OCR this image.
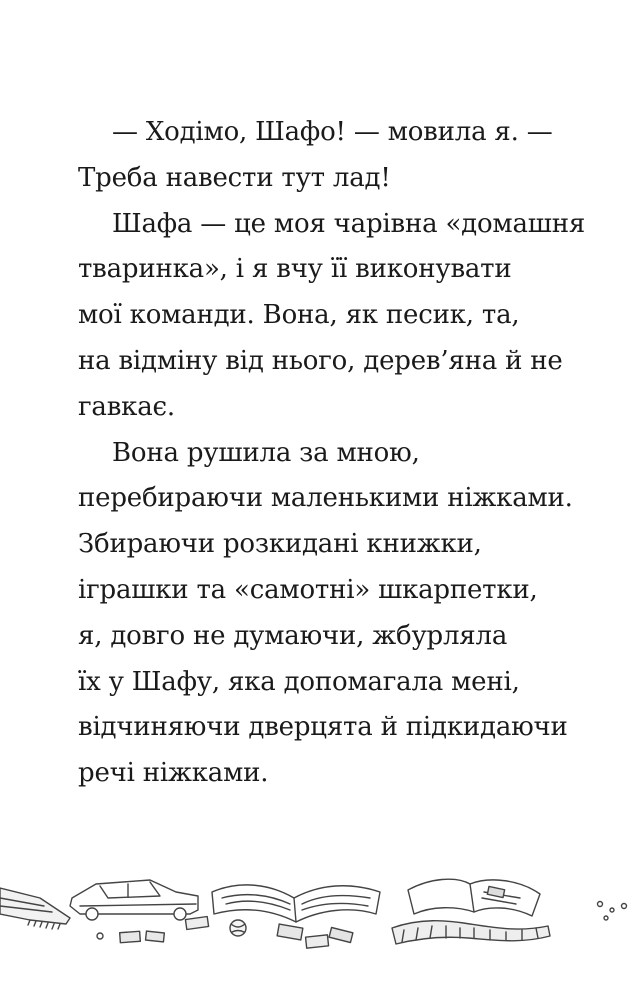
— Ходімо, Шафо! — мовила я. —
Треба навести тут лад!
Шафа — це моя чарівна «домашня
тваринка», і я вчу її виконувати
мої команди. Вона, як песик, та,
на відміну від нього, дерев’яна й не
гавкає.
Вона рушила за мною,
перебираючи маленькими ніжками.
Збираючи розкидані книжки,
іграшки та «самотні» шкарпетки,
я, довго не думаючи, жбурляла
їх у Шафу, яка допомагала мені,
відчиняючи дверцята й підкидаючи
речі ніжками.
